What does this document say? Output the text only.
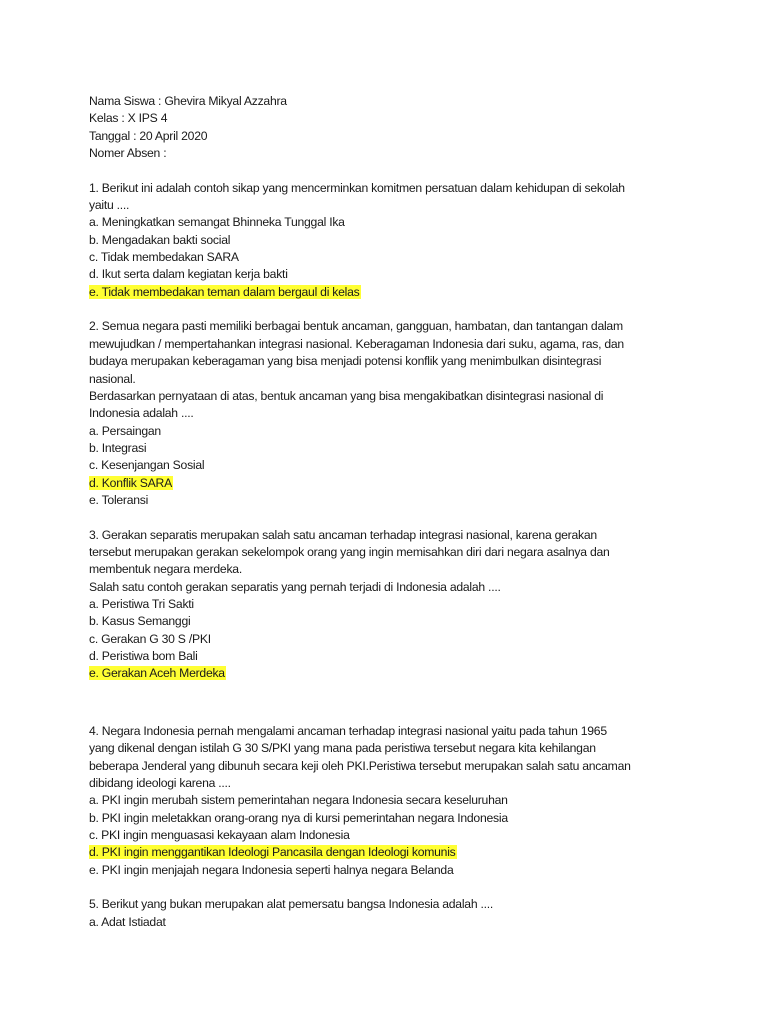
Nama Siswa : Ghevira Mikyal Azzahra
Kelas : X IPS 4
Tanggal : 20 April 2020
Nomer Absen :
1. Berikut ini adalah contoh sikap yang mencerminkan komitmen persatuan dalam kehidupan di sekolah
yaitu ....
a. Meningkatkan semangat Bhinneka Tunggal Ika
b. Mengadakan bakti social
c. Tidak membedakan SARA
d. Ikut serta dalam kegiatan kerja bakti
e. Tidak membedakan teman dalam bergaul di kelas
2. Semua negara pasti memiliki berbagai bentuk ancaman, gangguan, hambatan, dan tantangan dalam
mewujudkan / mempertahankan integrasi nasional. Keberagaman Indonesia dari suku, agama, ras, dan
budaya merupakan keberagaman yang bisa menjadi potensi konflik yang menimbulkan disintegrasi
nasional.
Berdasarkan pernyataan di atas, bentuk ancaman yang bisa mengakibatkan disintegrasi nasional di
Indonesia adalah ....
a. Persaingan
b. Integrasi
c. Kesenjangan Sosial
d. Konflik SARA
e. Toleransi
3. Gerakan separatis merupakan salah satu ancaman terhadap integrasi nasional, karena gerakan
tersebut merupakan gerakan sekelompok orang yang ingin memisahkan diri dari negara asalnya dan
membentuk negara merdeka.
Salah satu contoh gerakan separatis yang pernah terjadi di Indonesia adalah ....
a. Peristiwa Tri Sakti
b. Kasus Semanggi
c. Gerakan G 30 S /PKI
d. Peristiwa bom Bali
e. Gerakan Aceh Merdeka
4. Negara Indonesia pernah mengalami ancaman terhadap integrasi nasional yaitu pada tahun 1965
yang dikenal dengan istilah G 30 S/PKI yang mana pada peristiwa tersebut negara kita kehilangan
beberapa Jenderal yang dibunuh secara keji oleh PKI.Peristiwa tersebut merupakan salah satu ancaman
dibidang ideologi karena ....
a. PKI ingin merubah sistem pemerintahan negara Indonesia secara keseluruhan
b. PKI ingin meletakkan orang-orang nya di kursi pemerintahan negara Indonesia
c. PKI ingin menguasasi kekayaan alam Indonesia
d. PKI ingin menggantikan Ideologi Pancasila dengan Ideologi komunis
e. PKI ingin menjajah negara Indonesia seperti halnya negara Belanda
5. Berikut yang bukan merupakan alat pemersatu bangsa Indonesia adalah ....
a. Adat Istiadat
